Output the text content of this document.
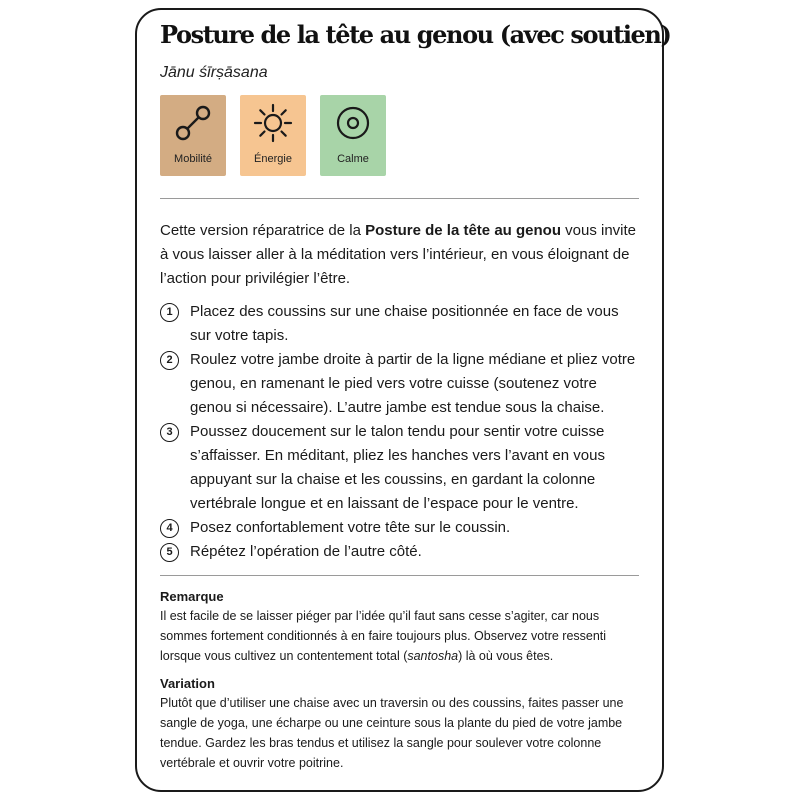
Posture de la tête au genou (avec soutien)
Jānu śīrṣāsana
Mobilité	Énergie	Calme

Cette version réparatrice de la Posture de la tête au genou vous invite à vous laisser aller à la méditation vers l’intérieur, en vous éloignant de l’action pour privilégier l’être.

1	Placez des coussins sur une chaise positionnée en face de vous sur votre tapis.
2	Roulez votre jambe droite à partir de la ligne médiane et pliez votre genou, en ramenant le pied vers votre cuisse (soutenez votre genou si nécessaire). L’autre jambe est tendue sous la chaise.
3	Poussez doucement sur le talon tendu pour sentir votre cuisse s’affaisser. En méditant, pliez les hanches vers l’avant en vous appuyant sur la chaise et les coussins, en gardant la colonne vertébrale longue et en laissant de l’espace pour le ventre.
4	Posez confortablement votre tête sur le coussin.
5	Répétez l’opération de l’autre côté.
Remarque

Il est facile de se laisser piéger par l’idée qu’il faut sans cesse s’agiter, car nous sommes fortement conditionnés à en faire toujours plus. Observez votre ressenti lorsque vous cultivez un contentement total (santosha) là où vous êtes.

Variation

Plutôt que d’utiliser une chaise avec un traversin ou des coussins, faites passer une sangle de yoga, une écharpe ou une ceinture sous la plante du pied de votre jambe tendue. Gardez les bras tendus et utilisez la sangle pour soulever votre colonne vertébrale et ouvrir votre poitrine.
